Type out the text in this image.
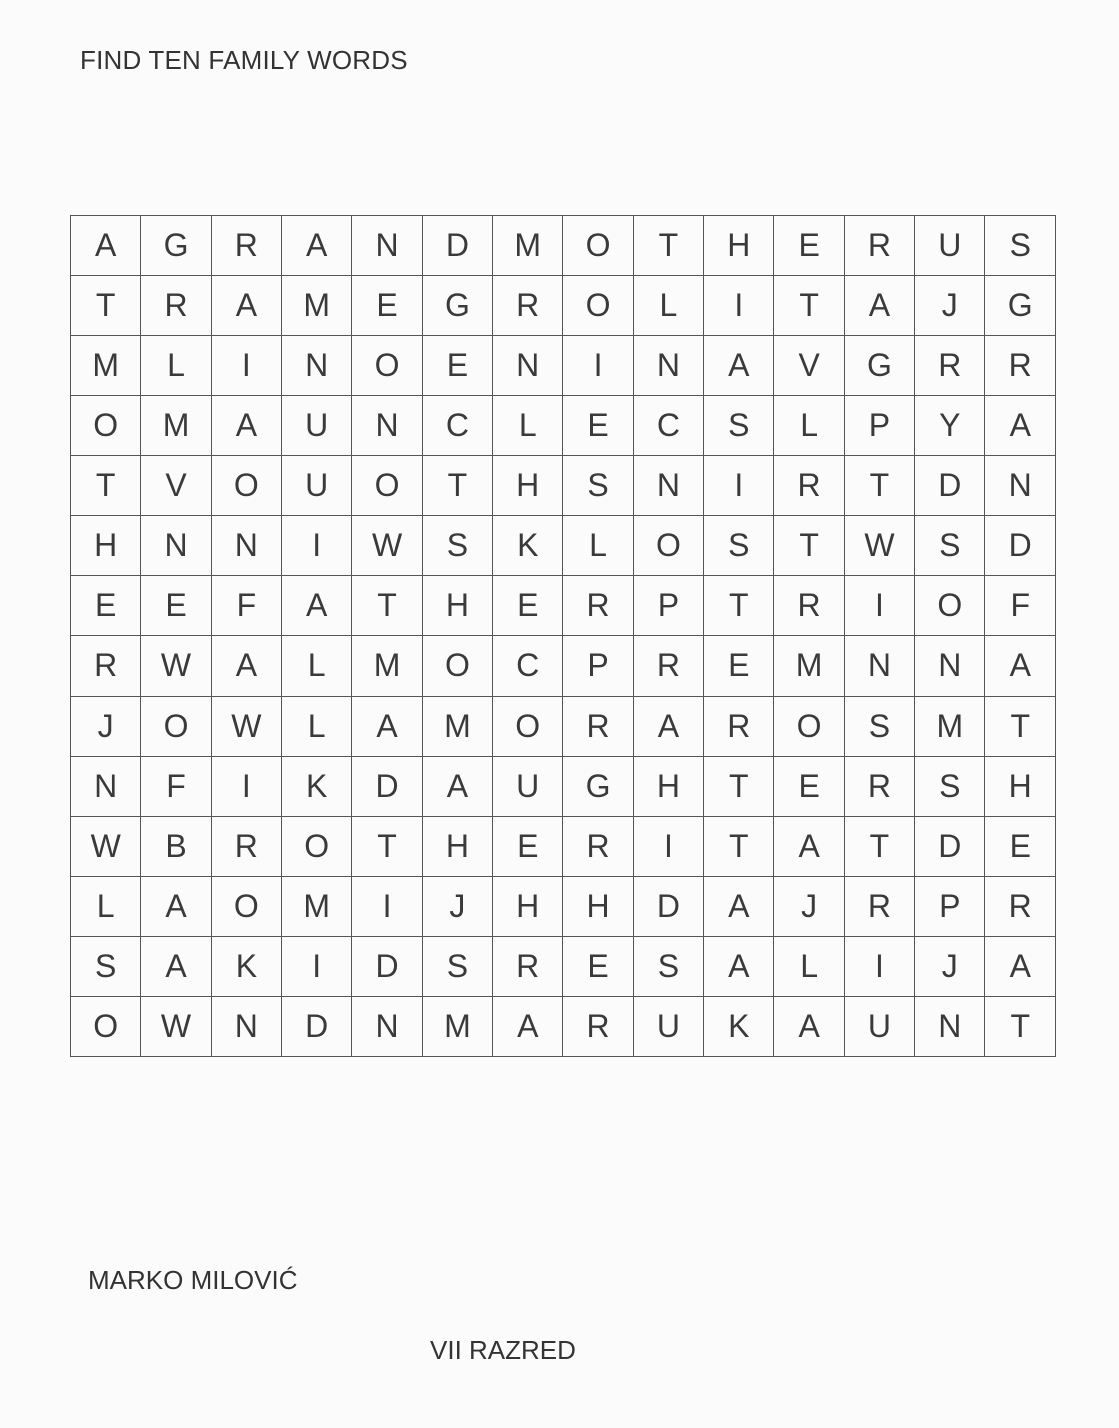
FIND TEN FAMILY WORDS
A	G	R	A	N	D	M	O	T	H	E	R	U	S
T	R	A	M	E	G	R	O	L	I	T	A	J	G
M	L	I	N	O	E	N	I	N	A	V	G	R	R
O	M	A	U	N	C	L	E	C	S	L	P	Y	A
T	V	O	U	O	T	H	S	N	I	R	T	D	N
H	N	N	I	W	S	K	L	O	S	T	W	S	D
E	E	F	A	T	H	E	R	P	T	R	I	O	F
R	W	A	L	M	O	C	P	R	E	M	N	N	A
J	O	W	L	A	M	O	R	A	R	O	S	M	T
N	F	I	K	D	A	U	G	H	T	E	R	S	H
W	B	R	O	T	H	E	R	I	T	A	T	D	E
L	A	O	M	I	J	H	H	D	A	J	R	P	R
S	A	K	I	D	S	R	E	S	A	L	I	J	A
O	W	N	D	N	M	A	R	U	K	A	U	N	T
MARKO MILOVIĆ
VII RAZRED
